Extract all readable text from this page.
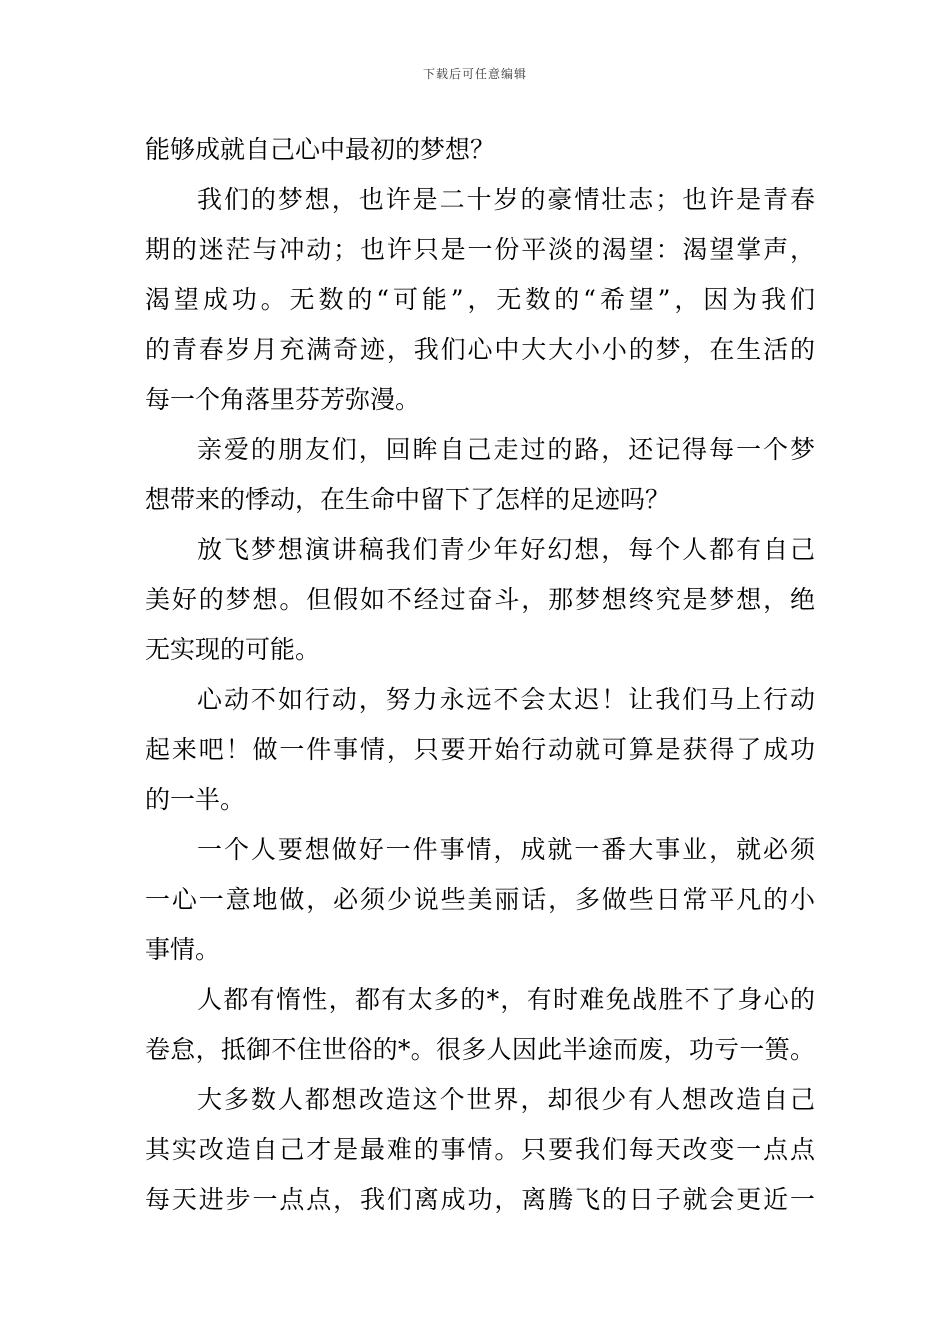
下载后可任意编辑
能够成就自己心中最初的梦想？
我们的梦想，也许是二十岁的豪情壮志；也许是青春
期的迷茫与冲动；也许只是一份平淡的渴望：渴望掌声，
渴望成功。无数的“可能”，无数的“希望”，因为我们
的青春岁月充满奇迹，我们心中大大小小的梦，在生活的
每一个角落里芬芳弥漫。
亲爱的朋友们，回眸自己走过的路，还记得每一个梦
想带来的悸动，在生命中留下了怎样的足迹吗？
放飞梦想演讲稿我们青少年好幻想，每个人都有自己
美好的梦想。但假如不经过奋斗，那梦想终究是梦想，绝
无实现的可能。
心动不如行动，努力永远不会太迟！让我们马上行动
起来吧！做一件事情，只要开始行动就可算是获得了成功
的一半。
一个人要想做好一件事情，成就一番大事业，就必须
一心一意地做，必须少说些美丽话，多做些日常平凡的小
事情。
人都有惰性，都有太多的*，有时难免战胜不了身心的
卷怠，抵御不住世俗的*。很多人因此半途而废，功亏一篑。
大多数人都想改造这个世界，却很少有人想改造自己
其实改造自己才是最难的事情。只要我们每天改变一点点
每天进步一点点，我们离成功，离腾飞的日子就会更近一
